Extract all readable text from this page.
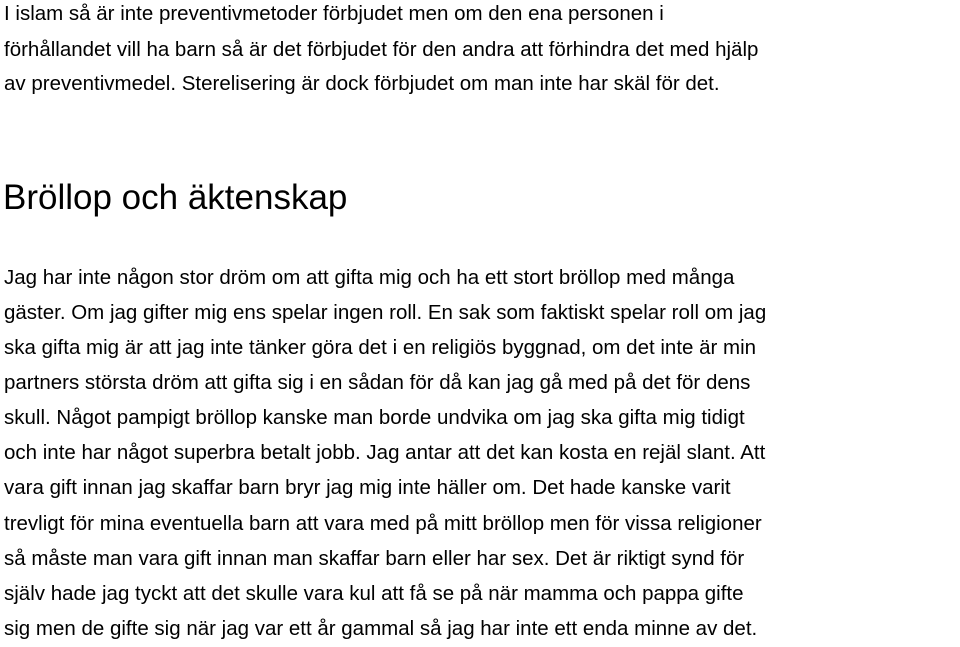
I islam så är inte preventivmetoder förbjudet men om den ena personen i
förhållandet vill ha barn så är det förbjudet för den andra att förhindra det med hjälp
av preventivmedel. Sterelisering är dock förbjudet om man inte har skäl för det.
Bröllop och äktenskap
Jag har inte någon stor dröm om att gifta mig och ha ett stort bröllop med många
gäster. Om jag gifter mig ens spelar ingen roll. En sak som faktiskt spelar roll om jag
ska gifta mig är att jag inte tänker göra det i en religiös byggnad, om det inte är min
partners största dröm att gifta sig i en sådan för då kan jag gå med på det för dens
skull. Något pampigt bröllop kanske man borde undvika om jag ska gifta mig tidigt
och inte har något superbra betalt jobb. Jag antar att det kan kosta en rejäl slant. Att
vara gift innan jag skaffar barn bryr jag mig inte häller om. Det hade kanske varit
trevligt för mina eventuella barn att vara med på mitt bröllop men för vissa religioner
så måste man vara gift innan man skaffar barn eller har sex. Det är riktigt synd för
själv hade jag tyckt att det skulle vara kul att få se på när mamma och pappa gifte
sig men de gifte sig när jag var ett år gammal så jag har inte ett enda minne av det.
